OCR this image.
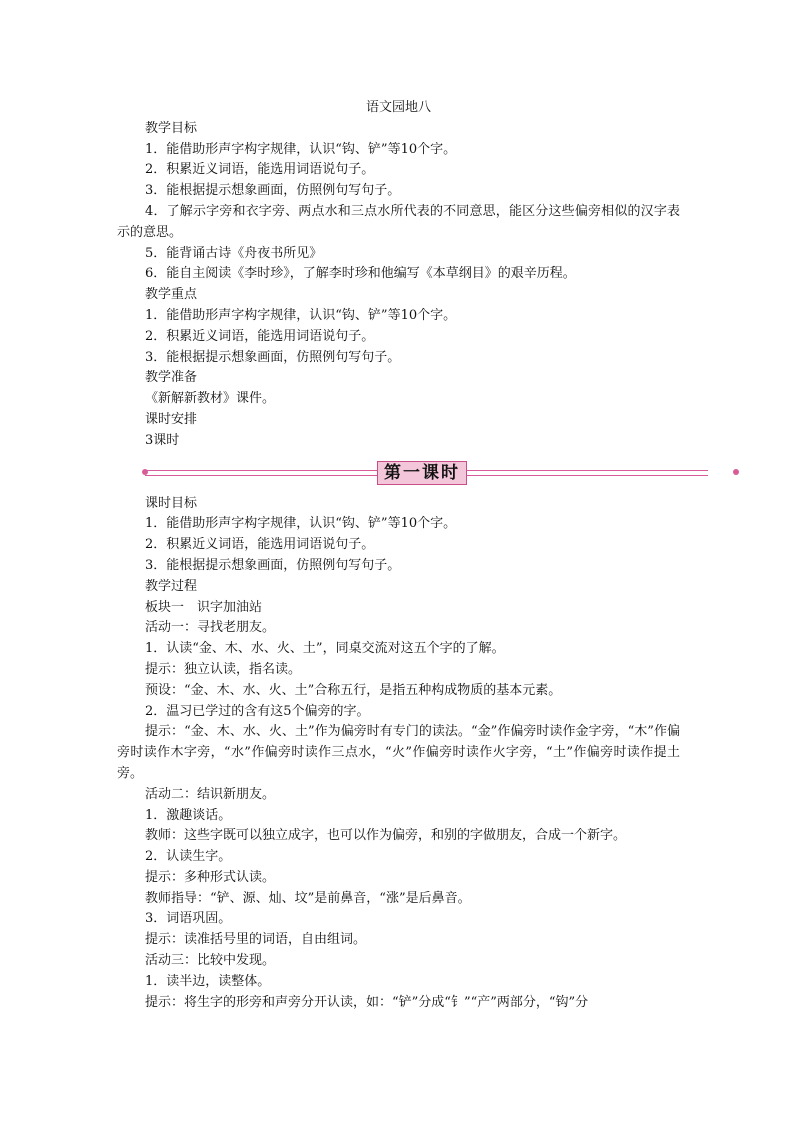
语文园地八

教学目标

1．能借助形声字构字规律，认识“钩、铲”等10个字。

2．积累近义词语，能选用词语说句子。

3．能根据提示想象画面，仿照例句写句子。

4．了解示字旁和衣字旁、两点水和三点水所代表的不同意思，能区分这些偏旁相似的汉字表示的意思。

5．能背诵古诗《舟夜书所见》

6．能自主阅读《李时珍》，了解李时珍和他编写《本草纲目》的艰辛历程。

教学重点

1．能借助形声字构字规律，认识“钩、铲”等10个字。

2．积累近义词语，能选用词语说句子。

3．能根据提示想象画面，仿照例句写句子。

教学准备

《新解新教材》课件。

课时安排

3课时

第一课时

课时目标

1．能借助形声字构字规律，认识“钩、铲”等10个字。

2．积累近义词语，能选用词语说句子。

3．能根据提示想象画面，仿照例句写句子。

教学过程

板块一　识字加油站

活动一：寻找老朋友。

1．认读“金、木、水、火、土”，同桌交流对这五个字的了解。

提示：独立认读，指名读。

预设：“金、木、水、火、土”合称五行，是指五种构成物质的基本元素。

2．温习已学过的含有这5个偏旁的字。

提示：“金、木、水、火、土”作为偏旁时有专门的读法。“金”作偏旁时读作金字旁，“木”作偏旁时读作木字旁，“水”作偏旁时读作三点水，“火”作偏旁时读作火字旁，“土”作偏旁时读作提土旁。

活动二：结识新朋友。

1．激趣谈话。

教师：这些字既可以独立成字，也可以作为偏旁，和别的字做朋友，合成一个新字。

2．认读生字。

提示：多种形式认读。

教师指导：“铲、源、灿、坟”是前鼻音，“涨”是后鼻音。

3．词语巩固。

提示：读准括号里的词语，自由组词。

活动三：比较中发现。

1．读半边，读整体。

提示：将生字的形旁和声旁分开认读，如：“铲”分成“钅”“产”两部分，“钩”分
